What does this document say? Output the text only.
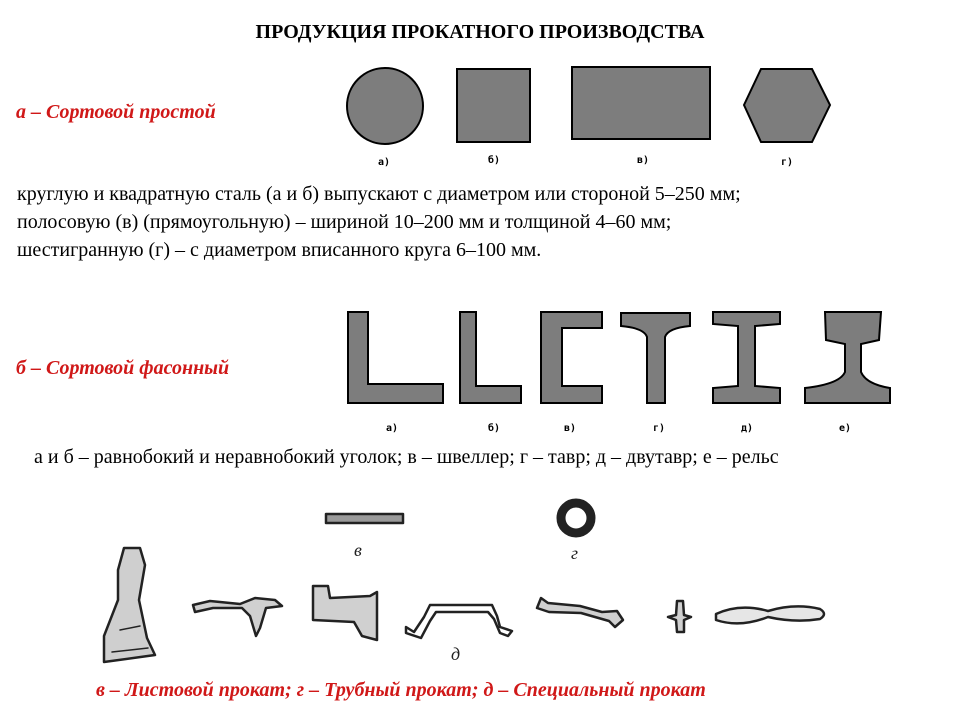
ПРОДУКЦИЯ ПРОКАТНОГО ПРОИЗВОДСТВА
а – Сортовой простой
а)	б)	в)	г)
круглую и квадратную сталь (а и б) выпускают с диаметром или стороной 5–250 мм;
полосовую (в) (прямоугольную) – шириной 10–200 мм и толщиной 4–60 мм;
шестигранную (г) – с диаметром вписанного круга 6–100 мм.
б – Сортовой фасонный
а)	б)	в)	г)	д)	е)
а и б – равнобокий и неравнобокий уголок; в – швеллер; г – тавр; д – двутавр; е – рельс
в	г
д
в – Листовой прокат; г – Трубный прокат; д – Специальный прокат
